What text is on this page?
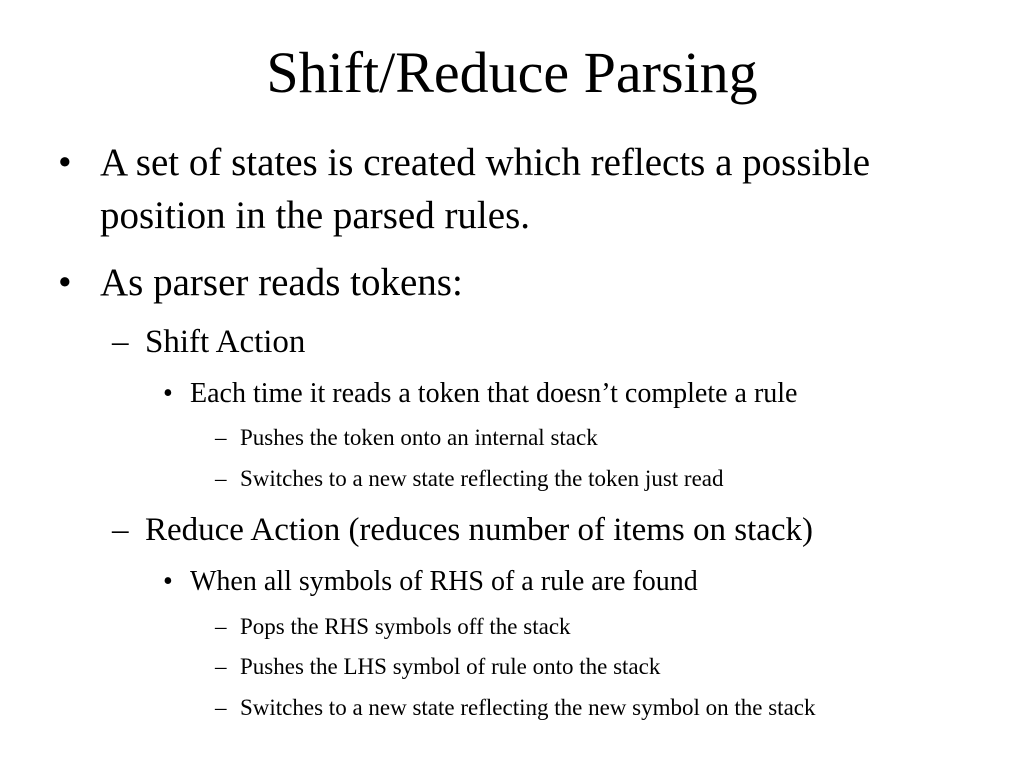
Shift/Reduce Parsing
• A set of states is created which reflects a possible
position in the parsed rules.
• As parser reads tokens:
– Shift Action
• Each time it reads a token that doesn’t complete a rule
– Pushes the token onto an internal stack
– Switches to a new state reflecting the token just read
– Reduce Action (reduces number of items on stack)
• When all symbols of RHS of a rule are found
– Pops the RHS symbols off the stack
– Pushes the LHS symbol of rule onto the stack
– Switches to a new state reflecting the new symbol on the stack
